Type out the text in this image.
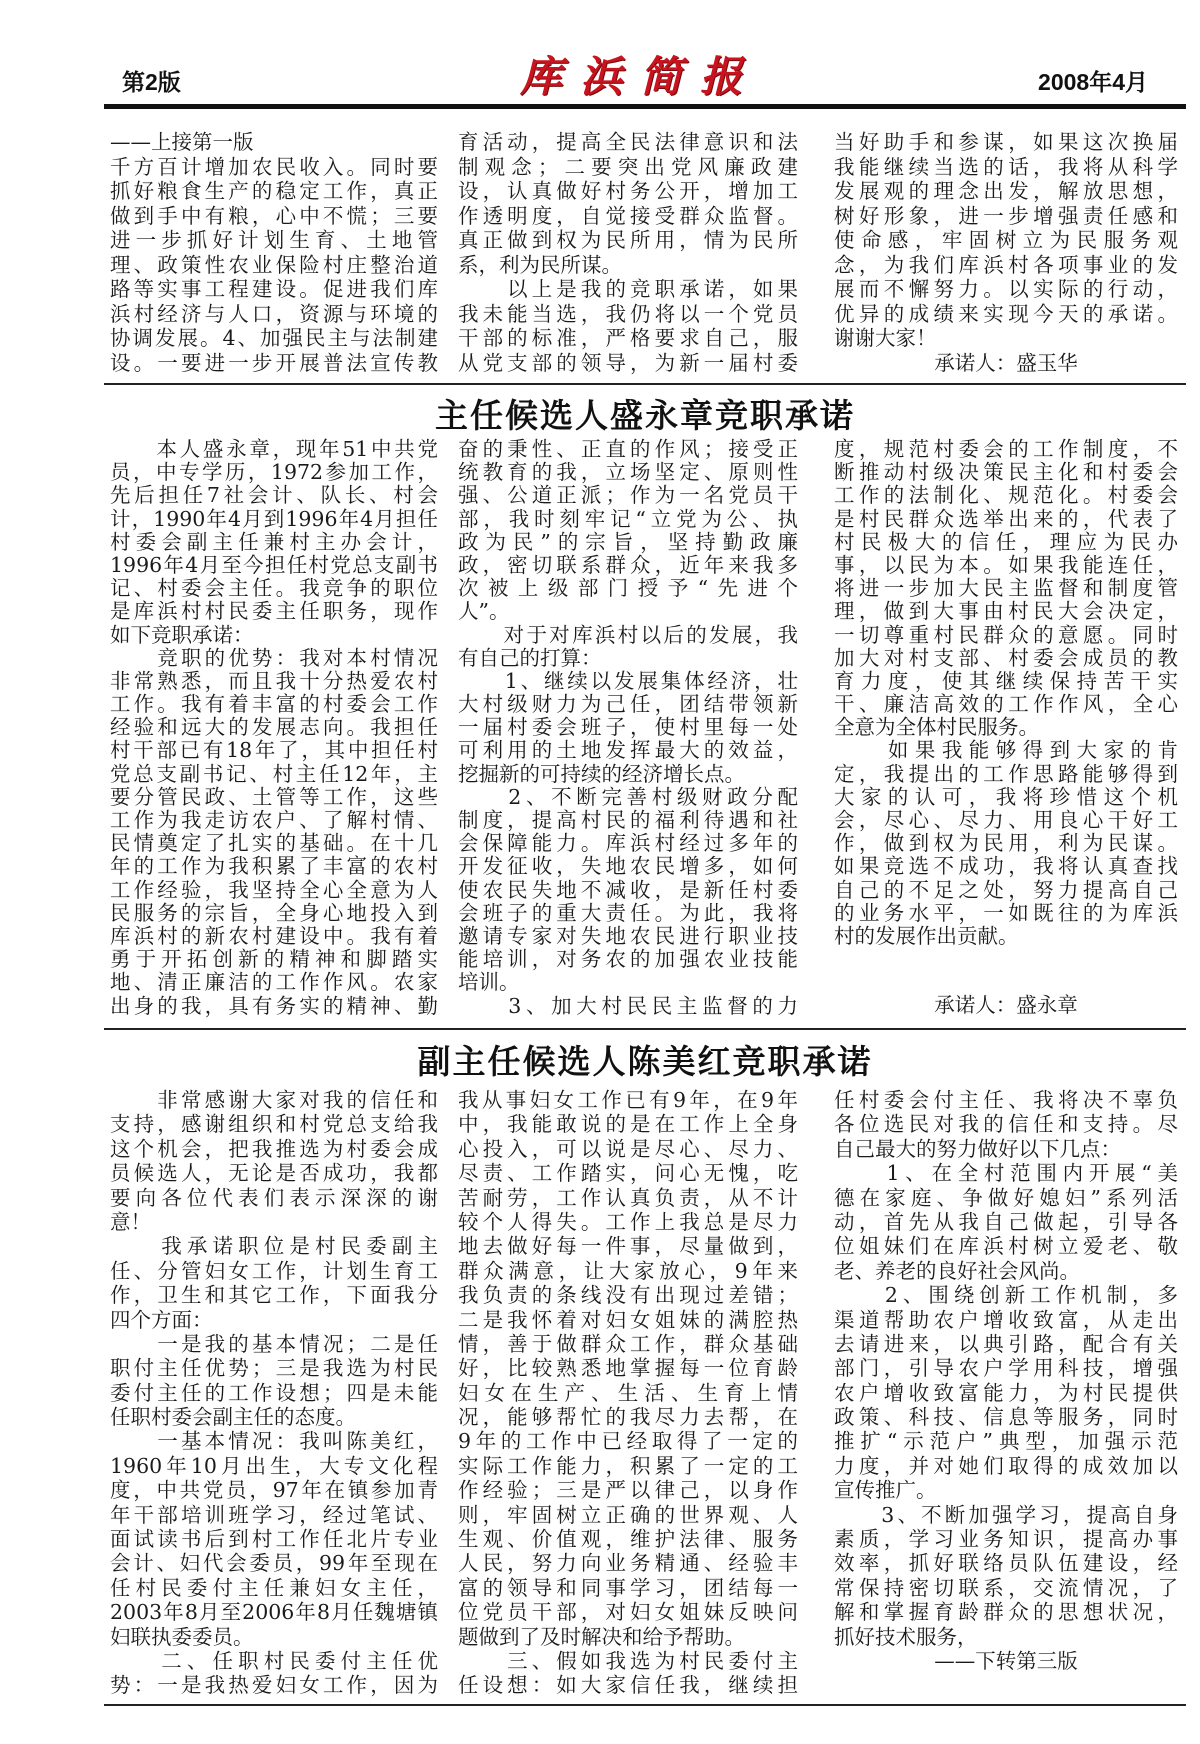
第2版	库浜简报	2008年4月
——上接第一版
千方百计增加农民收入。同时要
抓好粮食生产的稳定工作，真正
做到手中有粮，心中不慌；三要
进一步抓好计划生育、土地管
理、政策性农业保险村庄整治道
路等实事工程建设。促进我们库
浜村经济与人口，资源与环境的
协调发展。4、加强民主与法制建
设。一要进一步开展普法宣传教
育活动，提高全民法律意识和法
制观念；二要突出党风廉政建
设，认真做好村务公开，增加工
作透明度，自觉接受群众监督。
真正做到权为民所用，情为民所
系，利为民所谋。
　　以上是我的竞职承诺，如果
我未能当选，我仍将以一个党员
干部的标准，严格要求自己，服
从党支部的领导，为新一届村委
当好助手和参谋，如果这次换届
我能继续当选的话，我将从科学
发展观的理念出发，解放思想，
树好形象，进一步增强责任感和
使命感，牢固树立为民服务观
念，为我们库浜村各项事业的发
展而不懈努力。以实际的行动，
优异的成绩来实现今天的承诺。
谢谢大家！
承诺人：盛玉华
主任候选人盛永章竞职承诺
　　本人盛永章，现年51中共党
员，中专学历，1972参加工作，
先后担任7社会计、队长、村会
计，1990年4月到1996年4月担任
村委会副主任兼村主办会计，
1996年4月至今担任村党总支副书
记、村委会主任。我竞争的职位
是库浜村村民委主任职务，现作
如下竞职承诺：
　　竞职的优势：我对本村情况
非常熟悉，而且我十分热爱农村
工作。我有着丰富的村委会工作
经验和远大的发展志向。我担任
村干部已有18年了，其中担任村
党总支副书记、村主任12年，主
要分管民政、土管等工作，这些
工作为我走访农户、了解村情、
民情奠定了扎实的基础。在十几
年的工作为我积累了丰富的农村
工作经验，我坚持全心全意为人
民服务的宗旨，全身心地投入到
库浜村的新农村建设中。我有着
勇于开拓创新的精神和脚踏实
地、清正廉洁的工作作风。农家
出身的我，具有务实的精神、勤
奋的秉性、正直的作风；接受正
统教育的我，立场坚定、原则性
强、公道正派；作为一名党员干
部，我时刻牢记“立党为公、执
政为民”的宗旨，坚持勤政廉
政，密切联系群众，近年来我多
次被上级部门授予“先进个
人”。
　　对于对库浜村以后的发展，我
有自己的打算：
　　1、继续以发展集体经济，壮
大村级财力为己任，团结带领新
一届村委会班子，使村里每一处
可利用的土地发挥最大的效益，
挖掘新的可持续的经济增长点。
　　2、不断完善村级财政分配
制度，提高村民的福利待遇和社
会保障能力。库浜村经过多年的
开发征收，失地农民增多，如何
使农民失地不减收，是新任村委
会班子的重大责任。为此，我将
邀请专家对失地农民进行职业技
能培训，对务农的加强农业技能
培训。
　　3、加大村民民主监督的力
度，规范村委会的工作制度，不
断推动村级决策民主化和村委会
工作的法制化、规范化。村委会
是村民群众选举出来的，代表了
村民极大的信任，理应为民办
事，以民为本。如果我能连任，
将进一步加大民主监督和制度管
理，做到大事由村民大会决定，
一切尊重村民群众的意愿。同时
加大对村支部、村委会成员的教
育力度，使其继续保持苦干实
干、廉洁高效的工作作风，全心
全意为全体村民服务。
　　如果我能够得到大家的肯
定，我提出的工作思路能够得到
大家的认可，我将珍惜这个机
会，尽心、尽力、用良心干好工
作，做到权为民用，利为民谋。
如果竞选不成功，我将认真查找
自己的不足之处，努力提高自己
的业务水平，一如既往的为库浜
村的发展作出贡献。
承诺人：盛永章
副主任候选人陈美红竞职承诺
　　非常感谢大家对我的信任和
支持，感谢组织和村党总支给我
这个机会，把我推选为村委会成
员候选人，无论是否成功，我都
要向各位代表们表示深深的谢
意！
　　我承诺职位是村民委副主
任、分管妇女工作，计划生育工
作，卫生和其它工作，下面我分
四个方面：
　　一是我的基本情况；二是任
职付主任优势；三是我选为村民
委付主任的工作设想；四是未能
任职村委会副主任的态度。
　　一基本情况：我叫陈美红，
1960年10月出生，大专文化程
度，中共党员，97年在镇参加青
年干部培训班学习，经过笔试、
面试读书后到村工作任北片专业
会计、妇代会委员，99年至现在
任村民委付主任兼妇女主任，
2003年8月至2006年8月任魏塘镇
妇联执委委员。
　　二、任职村民委付主任优
势：一是我热爱妇女工作，因为
我从事妇女工作已有9年，在9年
中，我能敢说的是在工作上全身
心投入，可以说是尽心、尽力、
尽责、工作踏实，问心无愧，吃
苦耐劳，工作认真负责，从不计
较个人得失。工作上我总是尽力
地去做好每一件事，尽量做到，
群众满意，让大家放心，9年来
我负责的条线没有出现过差错；
二是我怀着对妇女姐妹的满腔热
情，善于做群众工作，群众基础
好，比较熟悉地掌握每一位育龄
妇女在生产、生活、生育上情
况，能够帮忙的我尽力去帮，在
9年的工作中已经取得了一定的
实际工作能力，积累了一定的工
作经验；三是严以律己，以身作
则，牢固树立正确的世界观、人
生观、价值观，维护法律、服务
人民，努力向业务精通、经验丰
富的领导和同事学习，团结每一
位党员干部，对妇女姐妹反映问
题做到了及时解决和给予帮助。
　　三、假如我选为村民委付主
任设想：如大家信任我，继续担
任村委会付主任、我将决不辜负
各位选民对我的信任和支持。尽
自己最大的努力做好以下几点：
　　1、在全村范围内开展“美
德在家庭、争做好媳妇”系列活
动，首先从我自己做起，引导各
位姐妹们在库浜村树立爱老、敬
老、养老的良好社会风尚。
　　2、围绕创新工作机制，多
渠道帮助农户增收致富，从走出
去请进来，以典引路，配合有关
部门，引导农户学用科技，增强
农户增收致富能力，为村民提供
政策、科技、信息等服务，同时
推扩“示范户”典型，加强示范
力度，并对她们取得的成效加以
宣传推广。
　　3、不断加强学习，提高自身
素质，学习业务知识，提高办事
效率，抓好联络员队伍建设，经
常保持密切联系，交流情况，了
解和掌握育龄群众的思想状况，
抓好技术服务，
——下转第三版
